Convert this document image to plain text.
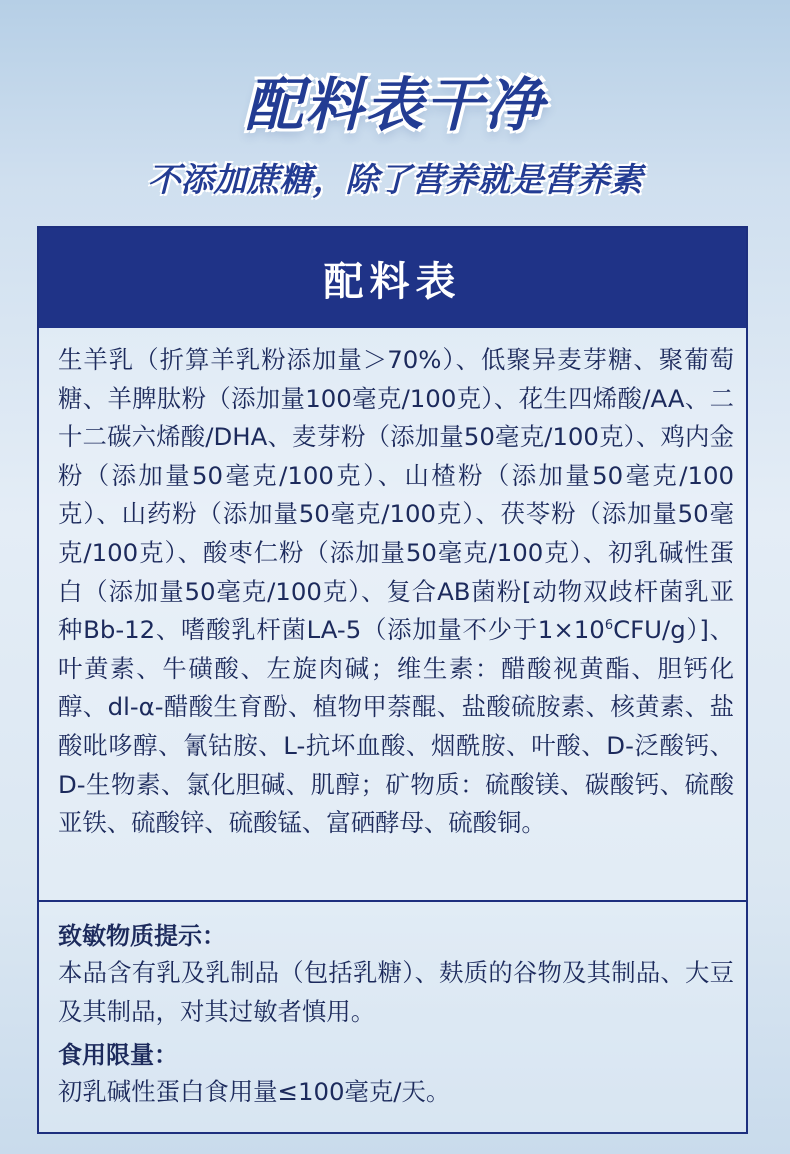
配料表干净
不添加蔗糖，除了营养就是营养素
配料表

生羊乳（折算羊乳粉添加量＞70%）、低聚异麦芽糖、聚葡萄糖、羊脾肽粉（添加量100毫克/100克）、花生四烯酸/AA、二十二碳六烯酸/DHA、麦芽粉（添加量50毫克/100克）、鸡内金粉（添加量50毫克/100克）、山楂粉（添加量50毫克/100克）、山药粉（添加量50毫克/100克）、茯苓粉（添加量50毫克/100克）、酸枣仁粉（添加量50毫克/100克）、初乳碱性蛋白（添加量50毫克/100克）、复合AB菌粉[动物双歧杆菌乳亚种Bb-12、嗜酸乳杆菌LA-5（添加量不少于$1\times 10^6CFU/g$）]、叶黄素、牛磺酸、左旋肉碱；维生素：醋酸视黄酯、胆钙化醇、dl-α-醋酸生育酚、植物甲萘醌、盐酸硫胺素、核黄素、盐酸吡哆醇、氰钴胺、L-抗坏血酸、烟酰胺、叶酸、D-泛酸钙、D-生物素、氯化胆碱、肌醇；矿物质：硫酸镁、碳酸钙、硫酸亚铁、硫酸锌、硫酸锰、富硒酵母、硫酸铜。

致敏物质提示：

本品含有乳及乳制品（包括乳糖）、麸质的谷物及其制品、大豆及其制品，对其过敏者慎用。

食用限量：

初乳碱性蛋白食用量≤100毫克/天。
